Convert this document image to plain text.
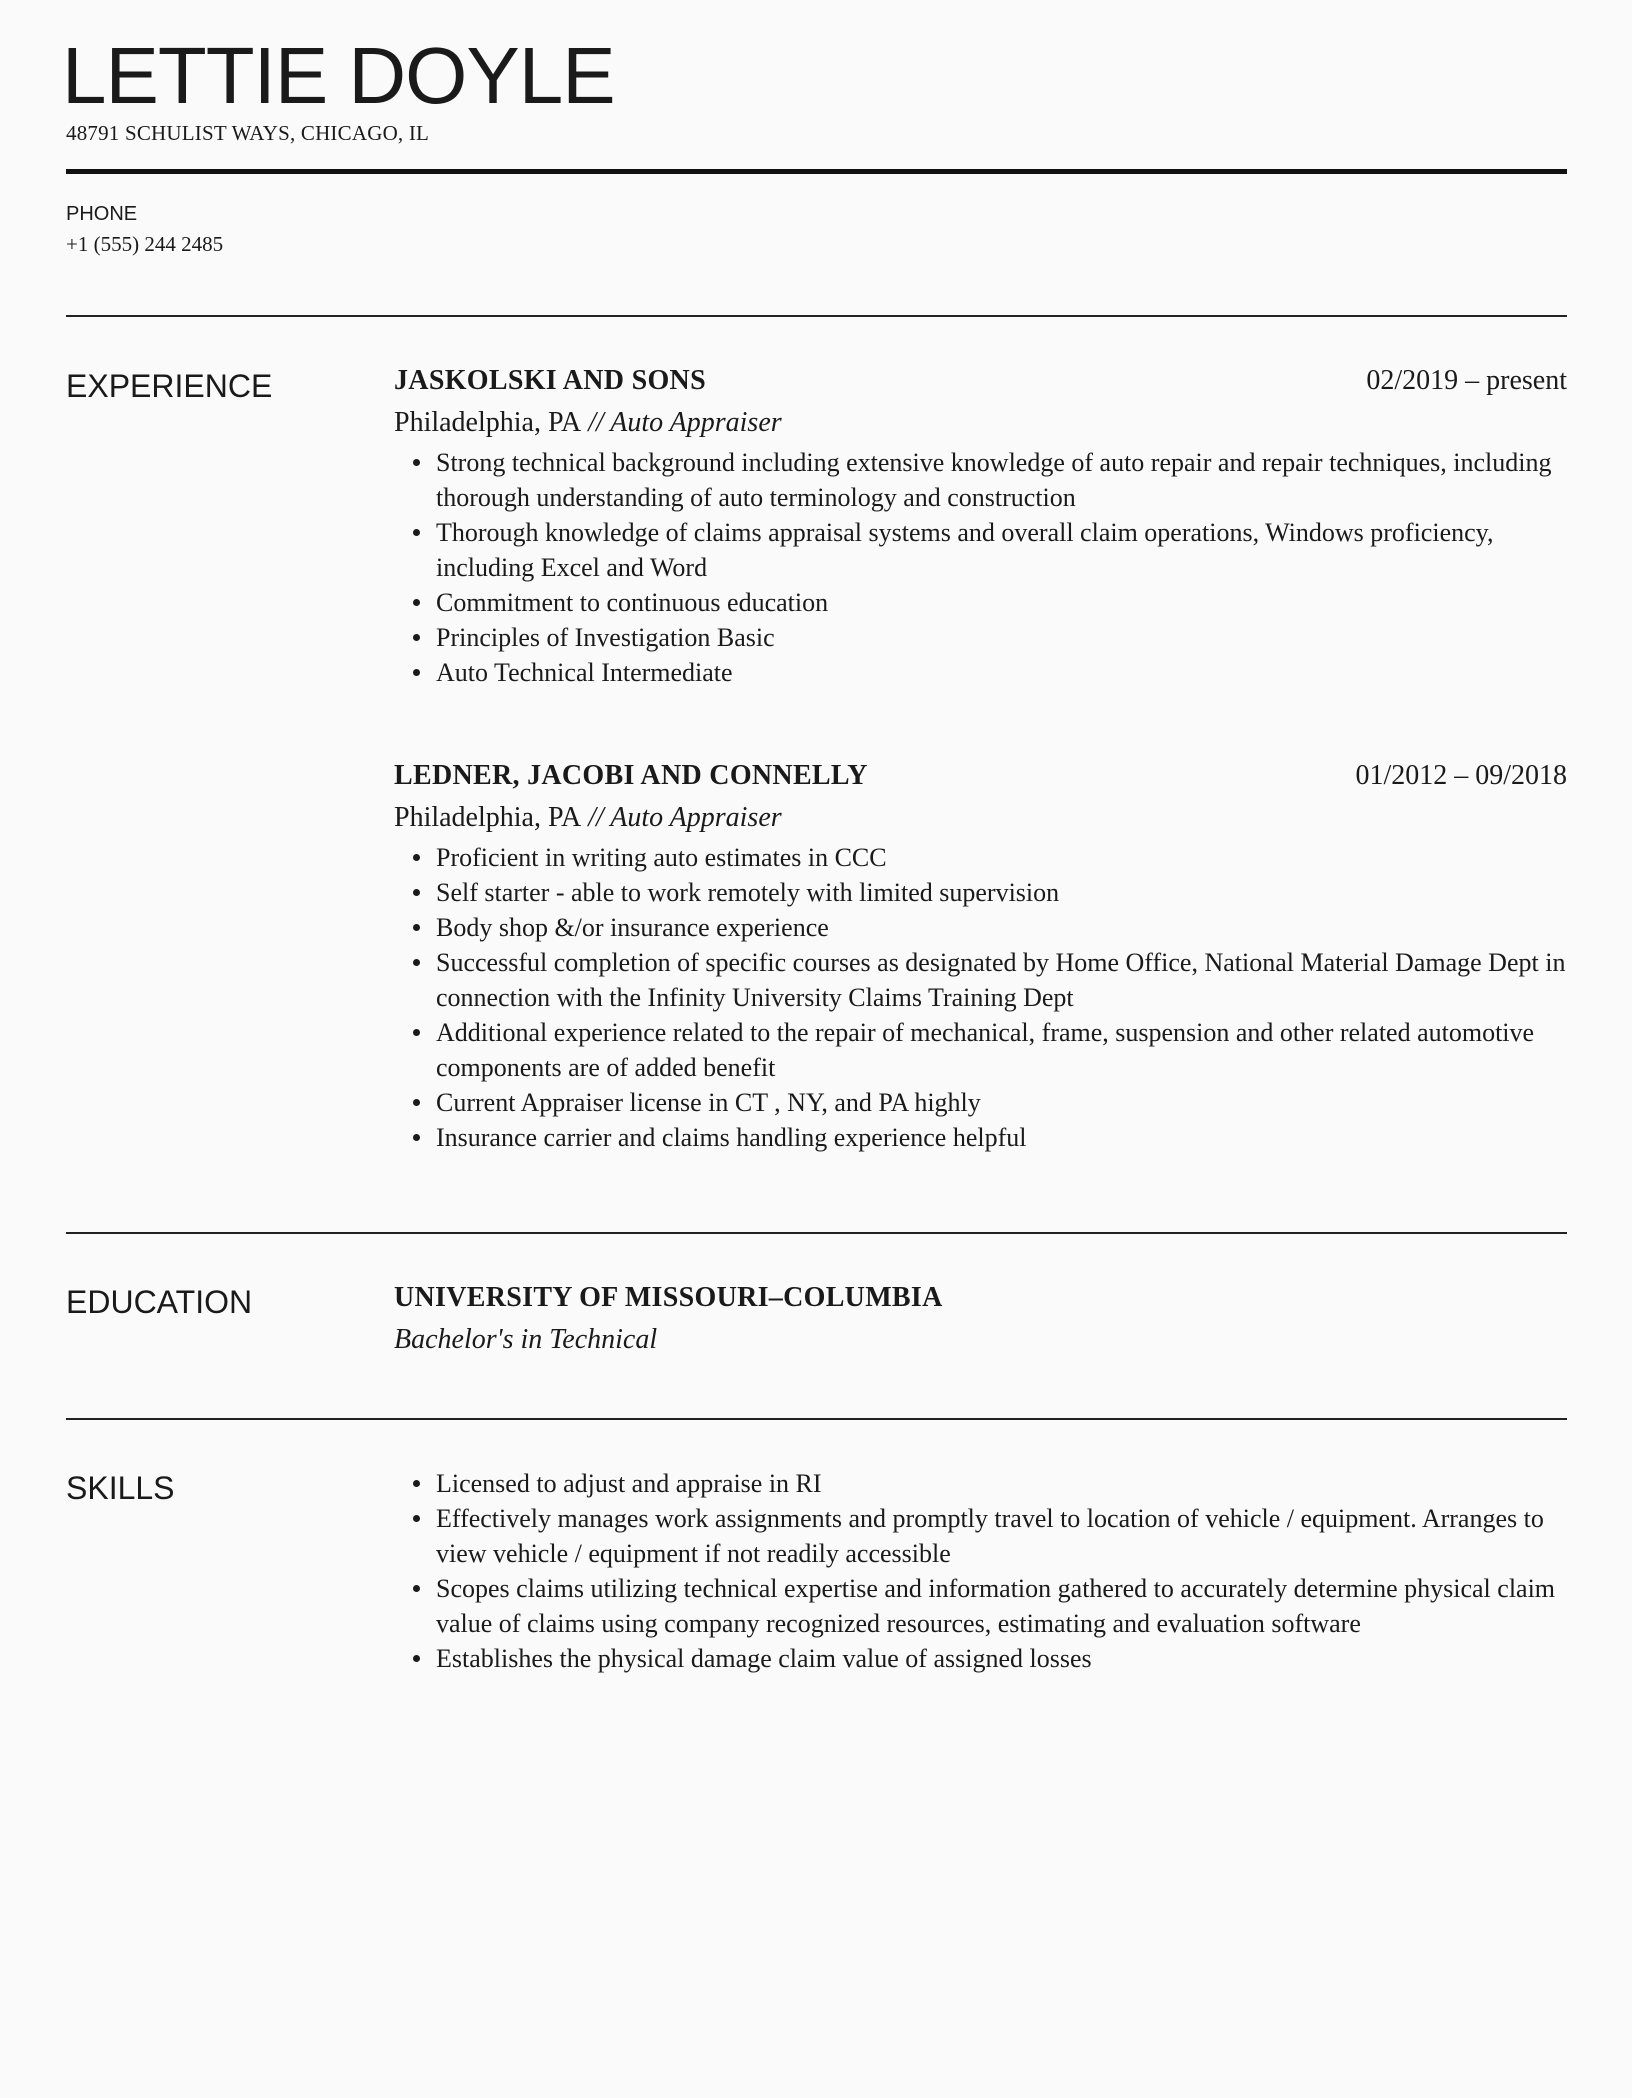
LETTIE DOYLE
48791 SCHULIST WAYS, CHICAGO, IL
PHONE
+1 (555) 244 2485
EXPERIENCE	JASKOLSKI AND SONS	02/2019 – present

Philadelphia, PA // Auto Appraiser

Strong technical background including extensive knowledge of auto repair and repair techniques, including thorough understanding of auto terminology and construction
Thorough knowledge of claims appraisal systems and overall claim operations, Windows proficiency, including Excel and Word
Commitment to continuous education
Principles of Investigation Basic
Auto Technical Intermediate
LEDNER, JACOBI AND CONNELLY	01/2012 – 09/2018

Philadelphia, PA // Auto Appraiser

Proficient in writing auto estimates in CCC
Self starter - able to work remotely with limited supervision
Body shop &/or insurance experience
Successful completion of specific courses as designated by Home Office, National Material Damage Dept in connection with the Infinity University Claims Training Dept
Additional experience related to the repair of mechanical, frame, suspension and other related automotive components are of added benefit
Current Appraiser license in CT , NY, and PA highly
Insurance carrier and claims handling experience helpful
EDUCATION	UNIVERSITY OF MISSOURI–COLUMBIA

Bachelor's in Technical

SKILLS	Licensed to adjust and appraise in RI
Effectively manages work assignments and promptly travel to location of vehicle / equipment. Arranges to view vehicle / equipment if not readily accessible
Scopes claims utilizing technical expertise and information gathered to accurately determine physical claim value of claims using company recognized resources, estimating and evaluation software
Establishes the physical damage claim value of assigned losses
